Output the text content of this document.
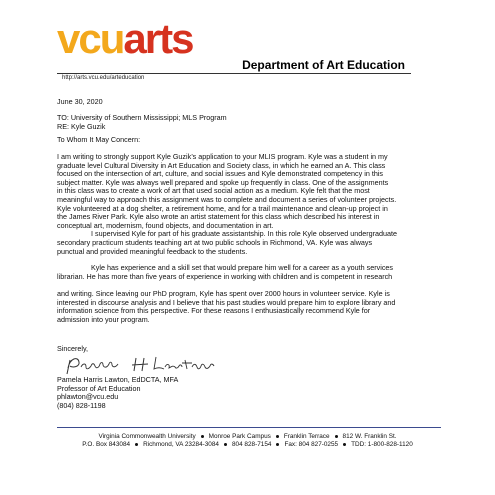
vcuarts
Department of Art Education
http://arts.vcu.edu/arteducation
June 30, 2020
TO: University of Southern Mississippi; MLS Program
RE: Kyle Guzik
To Whom It May Concern:
I am writing to strongly support Kyle Guzik’s application to your MLIS program. Kyle was a student in my
graduate level Cultural Diversity in Art Education and Society class, in which he earned an A. This class
focused on the intersection of art, culture, and social issues and Kyle demonstrated competency in this
subject matter. Kyle was always well prepared and spoke up frequently in class. One of the assignments
in this class was to create a work of art that used social action as a medium. Kyle felt that the most
meaningful way to approach this assignment was to complete and document a series of volunteer projects.
Kyle volunteered at a dog shelter, a retirement home, and for a trail maintenance and clean-up project in
the James River Park. Kyle also wrote an artist statement for this class which described his interest in
conceptual art, modernism, found objects, and documentation in art.
I supervised Kyle for part of his graduate assistantship. In this role Kyle observed undergraduate
secondary practicum students teaching art at two public schools in Richmond, VA. Kyle was always
punctual and provided meaningful feedback to the students.
Kyle has experience and a skill set that would prepare him well for a career as a youth services
librarian. He has more than five years of experience in working with children and is competent in research
and writing. Since leaving our PhD program, Kyle has spent over 2000 hours in volunteer service. Kyle is
interested in discourse analysis and I believe that his past studies would prepare him to explore library and
information science from this perspective. For these reasons I enthusiastically recommend Kyle for
admission into your program.
Sincerely,
Pamela Harris Lawton, EdDCTA, MFA
Professor of Art Education
phlawton@vcu.edu
(804) 828-1198
Virginia Commonwealth University Monroe Park Campus Franklin Terrace 812 W. Franklin St.
P.O. Box 843084 Richmond, VA 23284-3084 804 828-7154 Fax: 804 827-0255 TDD: 1-800-828-1120
